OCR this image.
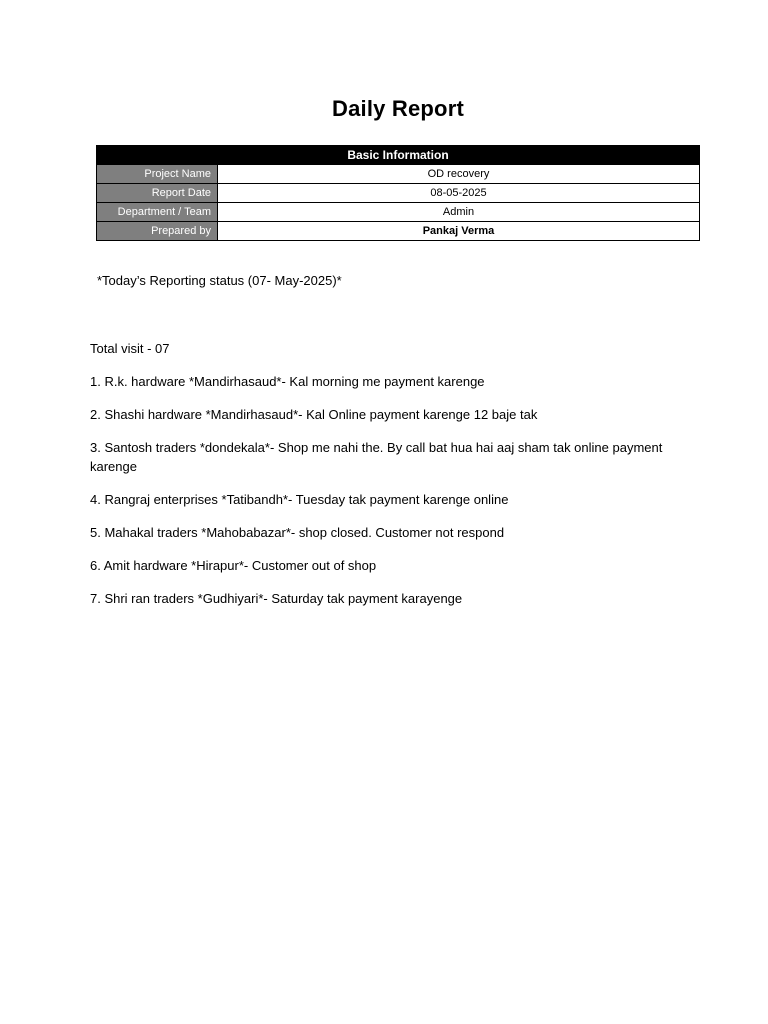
Daily Report
Basic Information	
Project Name	OD recovery
Report Date	08-05-2025
Department / Team	Admin
Prepared by	Pankaj Verma
*Today’s Reporting status (07- May-2025)*

Total visit - 07

1. R.k. hardware *Mandirhasaud*- Kal morning me payment karenge

2. Shashi hardware *Mandirhasaud*- Kal Online payment karenge 12 baje tak

3. Santosh traders *dondekala*- Shop me nahi the. By call bat hua hai aaj sham tak online payment karenge

4. Rangraj enterprises *Tatibandh*- Tuesday tak payment karenge online

5. Mahakal traders *Mahobabazar*- shop closed. Customer not respond

6. Amit hardware *Hirapur*- Customer out of shop

7. Shri ran traders *Gudhiyari*- Saturday tak payment karayenge
